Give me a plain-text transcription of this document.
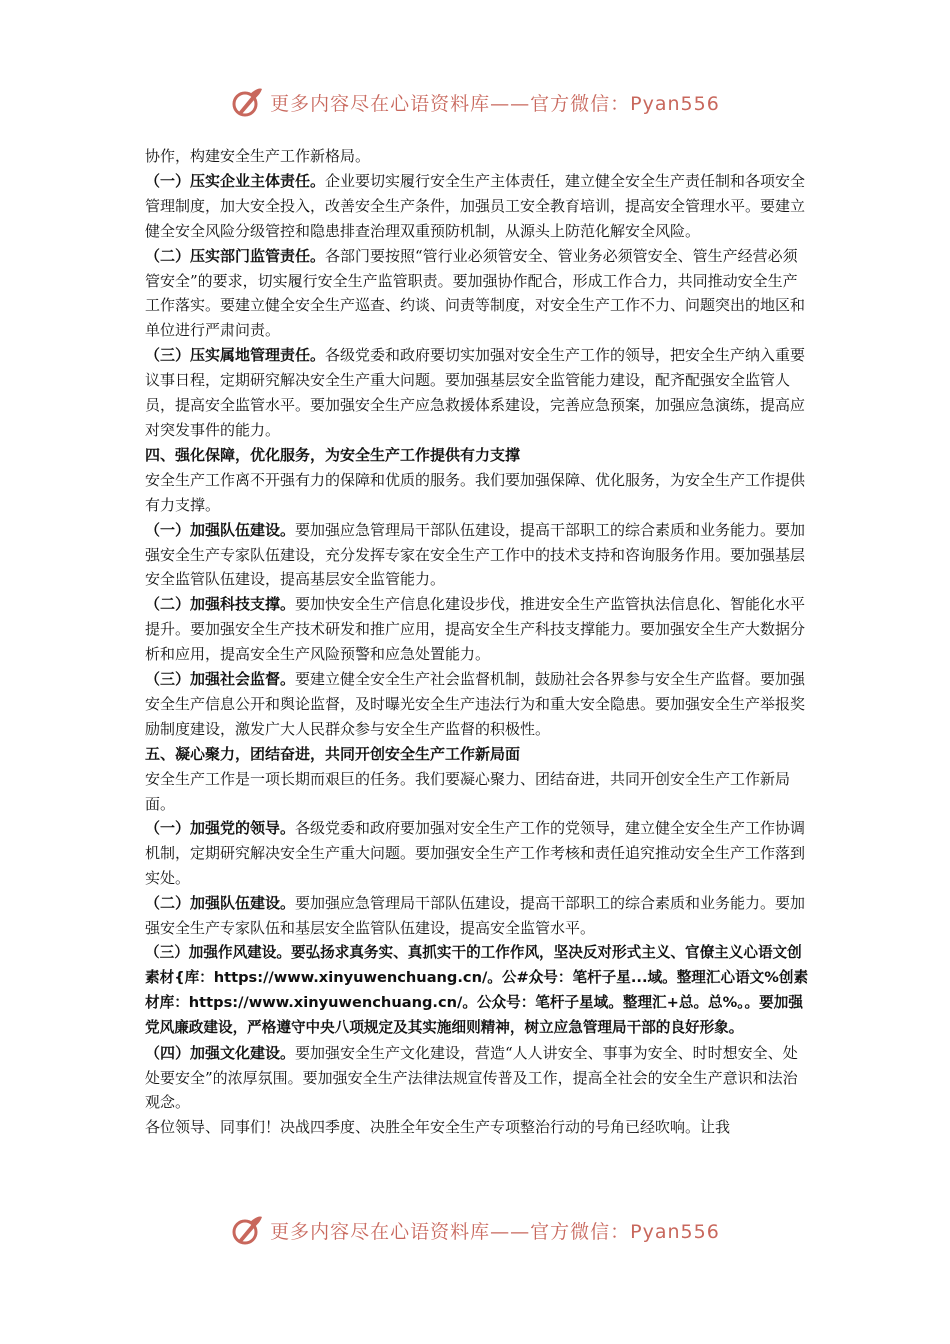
更多内容尽在心语资料库——官方微信：Pyan556

协作，构建安全生产工作新格局。

（一）压实企业主体责任。企业要切实履行安全生产主体责任，建立健全安全生产责任制和各项安全管理制度，加大安全投入，改善安全生产条件，加强员工安全教育培训，提高安全管理水平。要建立健全安全风险分级管控和隐患排查治理双重预防机制，从源头上防范化解安全风险。

（二）压实部门监管责任。各部门要按照“管行业必须管安全、管业务必须管安全、管生产经营必须管安全”的要求，切实履行安全生产监管职责。要加强协作配合，形成工作合力，共同推动安全生产工作落实。要建立健全安全生产巡查、约谈、问责等制度，对安全生产工作不力、问题突出的地区和单位进行严肃问责。

（三）压实属地管理责任。各级党委和政府要切实加强对安全生产工作的领导，把安全生产纳入重要议事日程，定期研究解决安全生产重大问题。要加强基层安全监管能力建设，配齐配强安全监管人员，提高安全监管水平。要加强安全生产应急救援体系建设，完善应急预案，加强应急演练，提高应对突发事件的能力。

四、强化保障，优化服务，为安全生产工作提供有力支撑

安全生产工作离不开强有力的保障和优质的服务。我们要加强保障、优化服务，为安全生产工作提供有力支撑。

（一）加强队伍建设。要加强应急管理局干部队伍建设，提高干部职工的综合素质和业务能力。要加强安全生产专家队伍建设，充分发挥专家在安全生产工作中的技术支持和咨询服务作用。要加强基层安全监管队伍建设，提高基层安全监管能力。

（二）加强科技支撑。要加快安全生产信息化建设步伐，推进安全生产监管执法信息化、智能化水平提升。要加强安全生产技术研发和推广应用，提高安全生产科技支撑能力。要加强安全生产大数据分析和应用，提高安全生产风险预警和应急处置能力。

（三）加强社会监督。要建立健全安全生产社会监督机制，鼓励社会各界参与安全生产监督。要加强安全生产信息公开和舆论监督，及时曝光安全生产违法行为和重大安全隐患。要加强安全生产举报奖励制度建设，激发广大人民群众参与安全生产监督的积极性。

五、凝心聚力，团结奋进，共同开创安全生产工作新局面

安全生产工作是一项长期而艰巨的任务。我们要凝心聚力、团结奋进，共同开创安全生产工作新局面。

（一）加强党的领导。各级党委和政府要加强对安全生产工作的党领导，建立健全安全生产工作协调机制，定期研究解决安全生产重大问题。要加强安全生产工作考核和责任追究推动安全生产工作落到实处。

（二）加强队伍建设。要加强应急管理局干部队伍建设，提高干部职工的综合素质和业务能力。要加强安全生产专家队伍和基层安全监管队伍建设，提高安全监管水平。

（三）加强作风建设。要弘扬求真务实、真抓实干的工作作风，坚决反对形式主义、官僚主义心语文创素材{库：https://www.xinyuwenchuang.cn/。公#众号：笔杆子星...域。整理汇心语文%创素材库：https://www.xinyuwenchuang.cn/。公众号：笔杆子星域。整理汇+总。总%。。要加强党风廉政建设，严格遵守中央八项规定及其实施细则精神，树立应急管理局干部的良好形象。

（四）加强文化建设。要加强安全生产文化建设，营造“人人讲安全、事事为安全、时时想安全、处处要安全”的浓厚氛围。要加强安全生产法律法规宣传普及工作，提高全社会的安全生产意识和法治观念。

各位领导、同事们！决战四季度、决胜全年安全生产专项整治行动的号角已经吹响。让我

更多内容尽在心语资料库——官方微信：Pyan556
